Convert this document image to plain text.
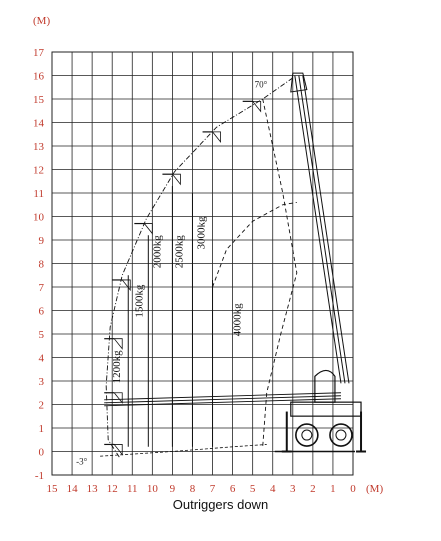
17
16
15
14
13
12
11
10
9
8
7
6
5
4
3
2
1
0
-1
(M)
15 14 13 12 11 10 9 8 7 6 5 4 3 2 1 0 (M)
1200kg
1500kg
2000kg 2500kg
3000kg
4000kg
70°
-3°
Outriggers down
